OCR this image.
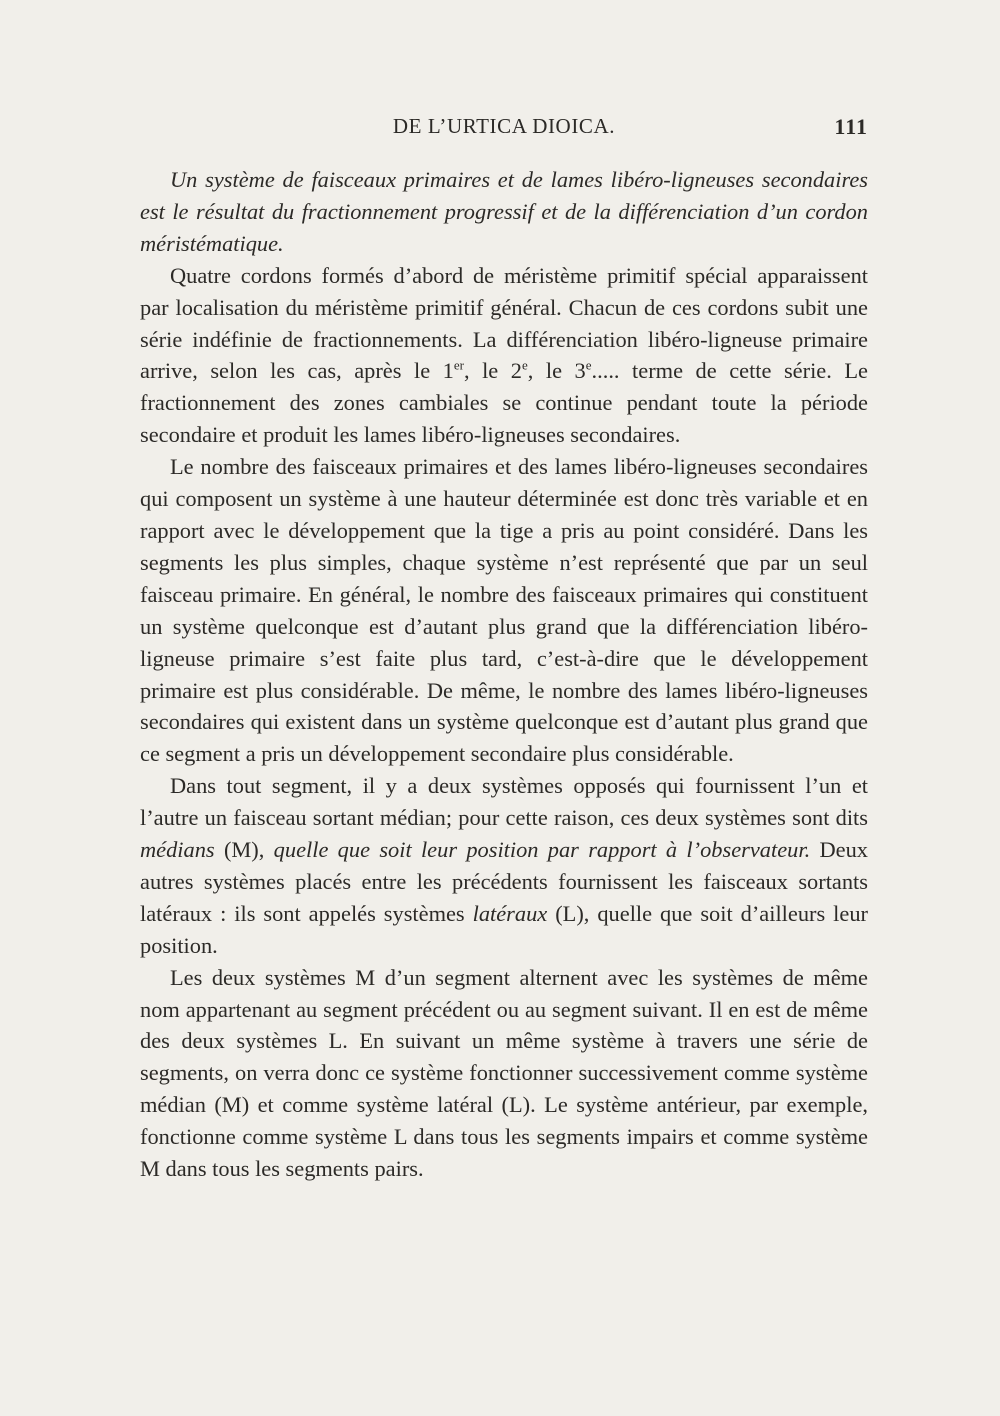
DE L’URTICA DIOICA.	111

Un système de faisceaux primaires et de lames libéro-ligneuses secondaires est le résultat du fractionnement progressif et de la différenciation d’un cordon méristématique.

Quatre cordons formés d’abord de méristème primitif spécial apparaissent par localisation du méristème primitif général. Chacun de ces cordons subit une série indéfinie de fractionnements. La différenciation libéro-ligneuse primaire arrive, selon les cas, après le 1er, le 2e, le 3e..... terme de cette série. Le fractionnement des zones cambiales se continue pendant toute la période secondaire et produit les lames libéro-ligneuses secondaires.

Le nombre des faisceaux primaires et des lames libéro-ligneuses secondaires qui composent un système à une hauteur déterminée est donc très variable et en rapport avec le développement que la tige a pris au point considéré. Dans les segments les plus simples, chaque système n’est représenté que par un seul faisceau primaire. En général, le nombre des faisceaux primaires qui constituent un système quelconque est d’autant plus grand que la différenciation libéro-ligneuse primaire s’est faite plus tard, c’est-à-dire que le développement primaire est plus considérable. De même, le nombre des lames libéro-ligneuses secondaires qui existent dans un système quelconque est d’autant plus grand que ce segment a pris un développement secondaire plus considérable.

Dans tout segment, il y a deux systèmes opposés qui fournissent l’un et l’autre un faisceau sortant médian; pour cette raison, ces deux systèmes sont dits médians (M), quelle que soit leur position par rapport à l’observateur. Deux autres systèmes placés entre les précédents fournissent les faisceaux sortants latéraux : ils sont appelés systèmes latéraux (L), quelle que soit d’ailleurs leur position.

Les deux systèmes M d’un segment alternent avec les systèmes de même nom appartenant au segment précédent ou au segment suivant. Il en est de même des deux systèmes L. En suivant un même système à travers une série de segments, on verra donc ce système fonctionner successivement comme système médian (M) et comme système latéral (L). Le système antérieur, par exemple, fonctionne comme système L dans tous les segments impairs et comme système M dans tous les segments pairs.
